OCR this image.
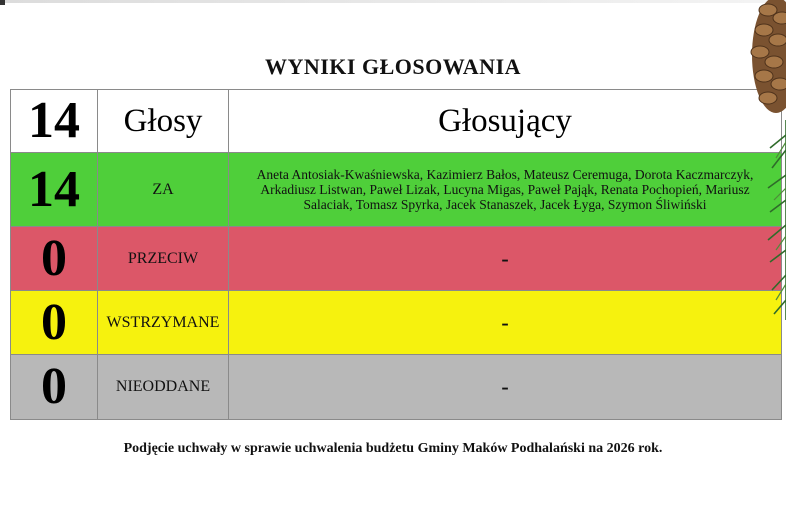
WYNIKI GŁOSOWANIA
14	Głosy	Głosujący
14	ZA	Aneta Antosiak-Kwaśniewska, Kazimierz Bałos, Mateusz Ceremuga, Dorota Kaczmarczyk, Arkadiusz Listwan, Paweł Lizak, Lucyna Migas, Paweł Pająk, Renata Pochopień, Mariusz Salaciak, Tomasz Spyrka, Jacek Stanaszek, Jacek Łyga, Szymon Śliwiński
0	PRZECIW	-
0	WSTRZYMANE	-
0	NIEODDANE	-
Podjęcie uchwały w sprawie uchwalenia budżetu Gminy Maków Podhalański na 2026 rok.
